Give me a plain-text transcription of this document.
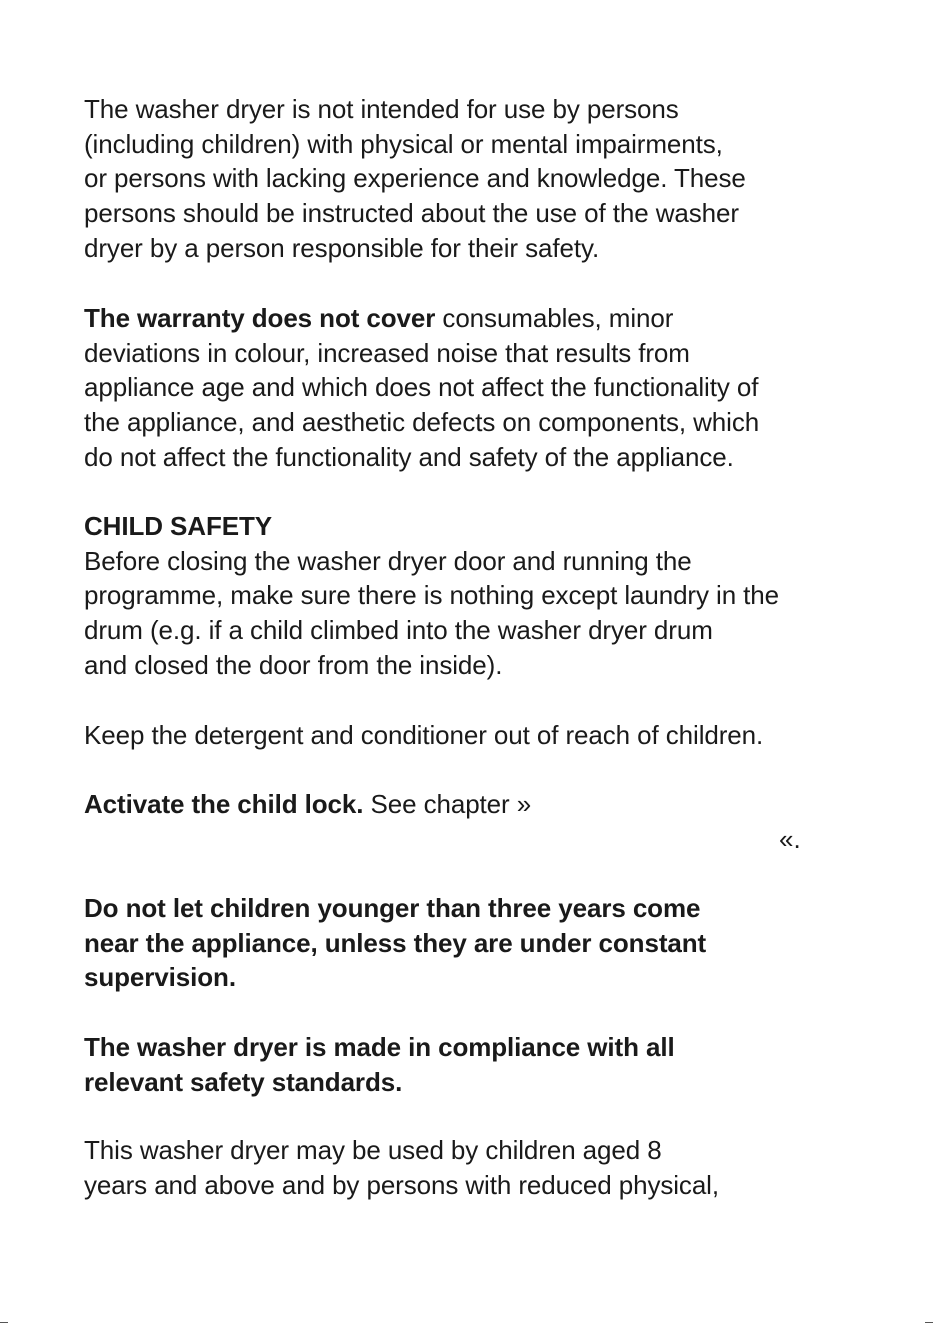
The washer dryer is not intended for use by persons
(including children) with physical or mental impairments,
or persons with lacking experience and knowledge. These
persons should be instructed about the use of the washer
dryer by a person responsible for their safety.
The warranty does not cover consumables, minor
deviations in colour, increased noise that results from
appliance age and which does not affect the functionality of
the appliance, and aesthetic defects on components, which
do not affect the functionality and safety of the appliance.
CHILD SAFETY
Before closing the washer dryer door and running the
programme, make sure there is nothing except laundry in the
drum (e.g. if a child climbed into the washer dryer drum
and closed the door from the inside).
Keep the detergent and conditioner out of reach of children.
Activate the child lock. See chapter »
«.
Do not let children younger than three years come
near the appliance, unless they are under constant
supervision.
The washer dryer is made in compliance with all
relevant safety standards.
This washer dryer may be used by children aged 8
years and above and by persons with reduced physical,
